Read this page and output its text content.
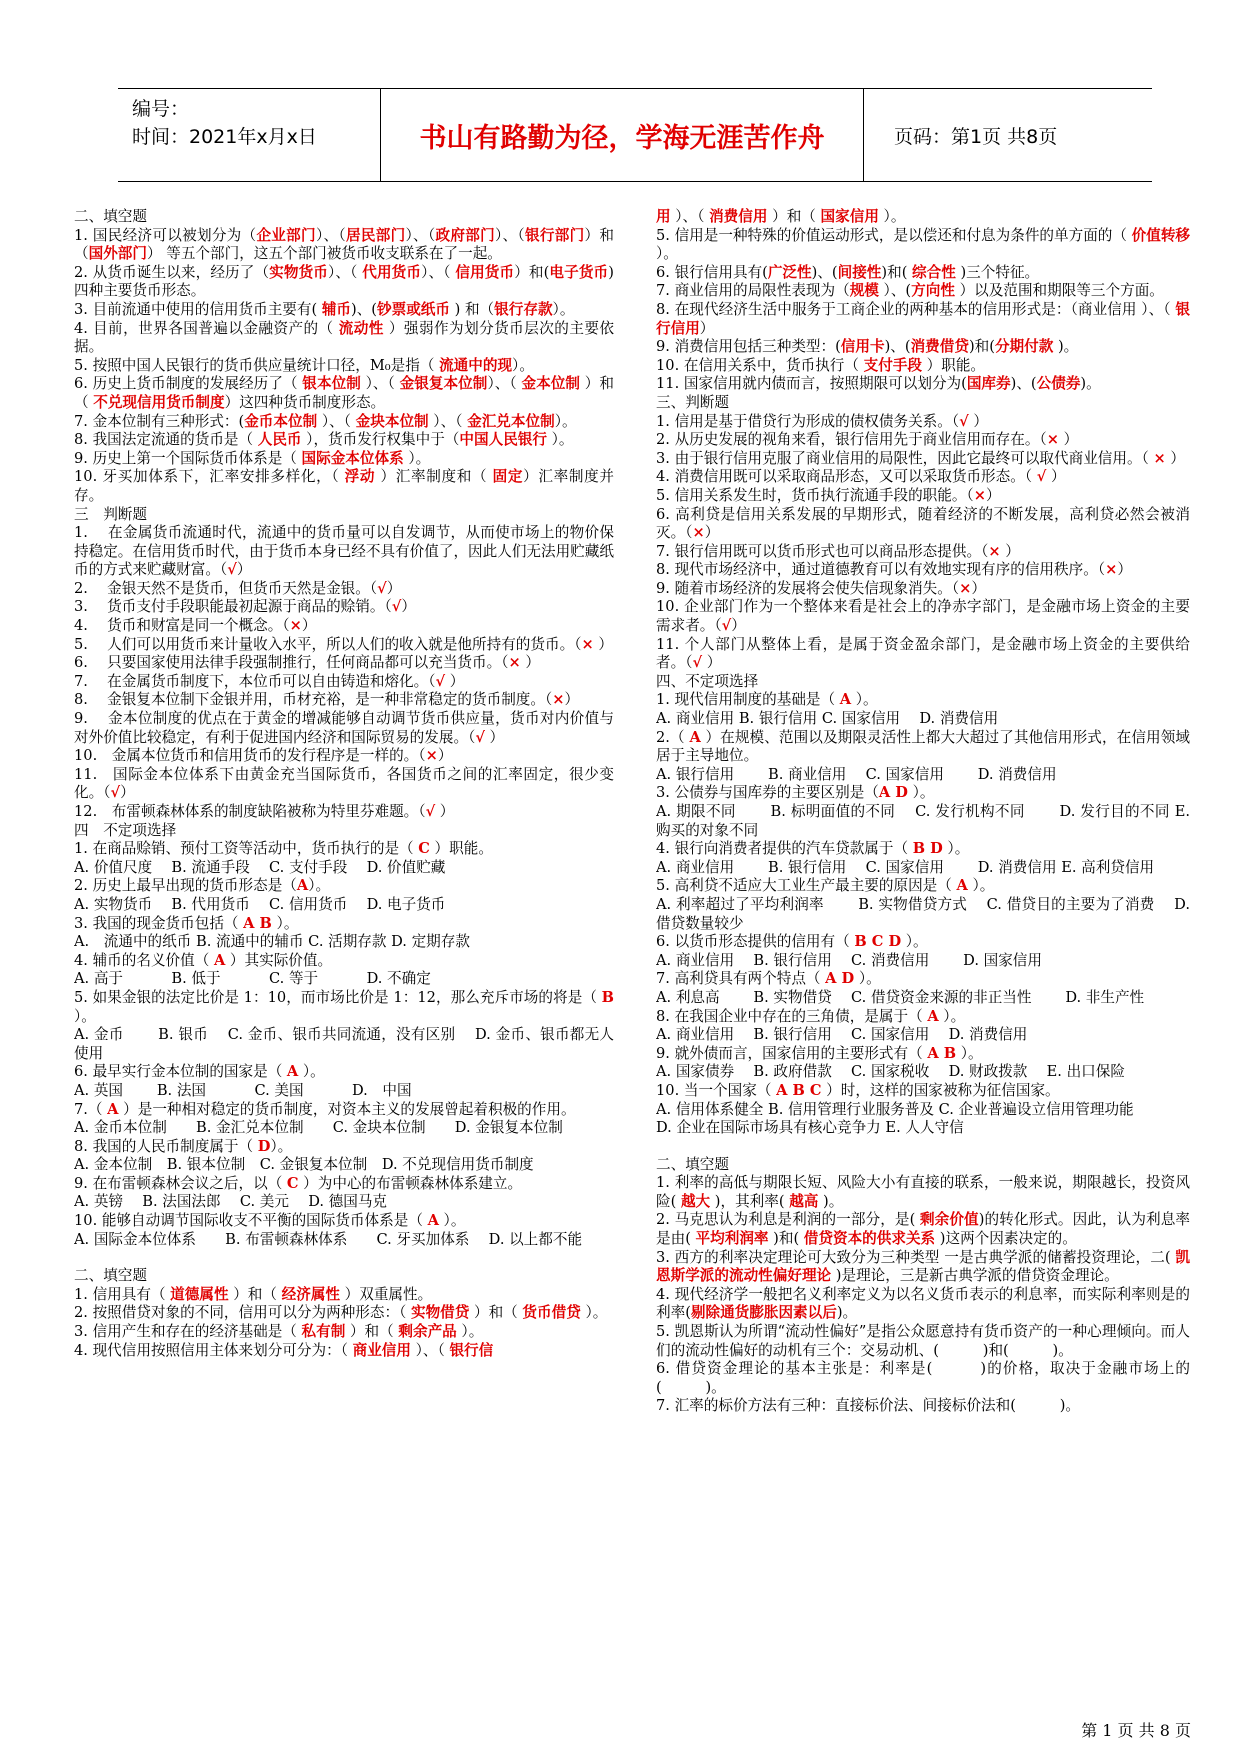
编号：
时间：2021年x月x日	书山有路勤为径，学海无涯苦作舟	页码：第1页 共8页

二、填空题

1. 国民经济可以被划分为（企业部门）、（居民部门）、（政府部门）、（银行部门）和（国外部门） 等五个部门，这五个部门被货币收支联系在了一起。

2. 从货币诞生以来，经历了（实物货币）、（ 代用货币）、（ 信用货币）和(电子货币)四种主要货币形态。

3. 目前流通中使用的信用货币主要有( 辅币)、(钞票或纸币 ) 和（银行存款）。

4. 目前，世界各国普遍以金融资产的（ 流动性 ）强弱作为划分货币层次的主要依据。

5. 按照中国人民银行的货币供应量统计口径，M₀是指（ 流通中的现）。

6. 历史上货币制度的发展经历了（ 银本位制 ）、（ 金银复本位制）、（ 金本位制 ）和（ 不兑现信用货币制度）这四种货币制度形态。

7. 金本位制有三种形式：(金币本位制 ）、（ 金块本位制 ）、（ 金汇兑本位制）。

8. 我国法定流通的货币是（ 人民币 ），货币发行权集中于（中国人民银行 ）。

9. 历史上第一个国际货币体系是（ 国际金本位体系 ）。

10. 牙买加体系下，汇率安排多样化，（ 浮动 ）汇率制度和（ 固定）汇率制度并存。

三　判断题

1.　 在金属货币流通时代，流通中的货币量可以自发调节，从而使市场上的物价保持稳定。在信用货币时代，由于货币本身已经不具有价值了，因此人们无法用贮藏纸币的方式来贮藏财富。（√）

2.　 金银天然不是货币，但货币天然是金银。（√）

3.　 货币支付手段职能最初起源于商品的赊销。（√）

4.　 货币和财富是同一个概念。（×）

5.　 人们可以用货币来计量收入水平，所以人们的收入就是他所持有的货币。（× ）

6.　 只要国家使用法律手段强制推行，任何商品都可以充当货币。（× ）

7.　 在金属货币制度下，本位币可以自由铸造和熔化。（√ ）

8.　 金银复本位制下金银并用，币材充裕，是一种非常稳定的货币制度。（×）

9.　 金本位制度的优点在于黄金的增减能够自动调节货币供应量，货币对内价值与对外价值比较稳定，有利于促进国内经济和国际贸易的发展。（√ ）

10.　金属本位货币和信用货币的发行程序是一样的。（×）

11.　国际金本位体系下由黄金充当国际货币，各国货币之间的汇率固定，很少变化。（√）

12.　布雷顿森林体系的制度缺陷被称为特里芬难题。（√ ）

四　不定项选择

1. 在商品赊销、预付工资等活动中，货币执行的是（ C ）职能。

A. 价值尺度　 B. 流通手段　 C. 支付手段　 D. 价值贮藏

2. 历史上最早出现的货币形态是（A）。

A. 实物货币　 B. 代用货币　 C. 信用货币　 D. 电子货币

3. 我国的现金货币包括（ A B ）。

A.　流通中的纸币 B. 流通中的辅币 C. 活期存款 D. 定期存款

4. 辅币的名义价值（ A ）其实际价值。

A. 高于　　　 B. 低于　　　 C. 等于　　　 D. 不确定

5. 如果金银的法定比价是 1：10，而市场比价是 1：12，那么充斥市场的将是（ B ）。

A. 金币　　 B. 银币　 C. 金币、银币共同流通，没有区别　 D. 金币、银币都无人使用

6. 最早实行金本位制的国家是（ A ）。

A. 英国　　 B. 法国　　　 C. 美国　　　 D.　中国

7.（ A ）是一种相对稳定的货币制度，对资本主义的发展曾起着积极的作用。

A. 金币本位制　　B. 金汇兑本位制　　C. 金块本位制　　D. 金银复本位制

8. 我国的人民币制度属于（ D）。

A. 金本位制　B. 银本位制　C. 金银复本位制　D. 不兑现信用货币制度

9. 在布雷顿森林会议之后，以（ C ）为中心的布雷顿森林体系建立。

A. 英镑　 B. 法国法郎　 C. 美元　 D. 德国马克

10. 能够自动调节国际收支不平衡的国际货币体系是（ A ）。

A. 国际金本位体系　　B. 布雷顿森林体系　　C. 牙买加体系　 D. 以上都不能

二、填空题

1. 信用具有（ 道德属性 ）和（ 经济属性 ）双重属性。

2. 按照借贷对象的不同，信用可以分为两种形态：（ 实物借贷 ）和（ 货币借贷 ）。

3. 信用产生和存在的经济基础是（ 私有制 ）和（ 剩余产品 ）。

4. 现代信用按照信用主体来划分可分为：（ 商业信用 ）、（ 银行信

用 ）、（ 消费信用 ）和（ 国家信用 ）。

5. 信用是一种特殊的价值运动形式，是以偿还和付息为条件的单方面的（ 价值转移 ）。

6. 银行信用具有(广泛性)、(间接性)和( 综合性 )三个特征。

7. 商业信用的局限性表现为（规模 ）、(方向性 ）以及范围和期限等三个方面。

8. 在现代经济生活中服务于工商企业的两种基本的信用形式是：（商业信用 ）、（ 银行信用）

9. 消费信用包括三种类型：(信用卡)、(消费借贷)和(分期付款 )。

10. 在信用关系中，货币执行（ 支付手段 ）职能。

11. 国家信用就内债而言，按照期限可以划分为(国库券)、(公债券)。

三、判断题

1. 信用是基于借贷行为形成的债权债务关系。（√ ）

2. 从历史发展的视角来看，银行信用先于商业信用而存在。（× ）

3. 由于银行信用克服了商业信用的局限性，因此它最终可以取代商业信用。（ × ）

4. 消费信用既可以采取商品形态，又可以采取货币形态。（ √ ）

5. 信用关系发生时，货币执行流通手段的职能。（×）

6. 高利贷是信用关系发展的早期形式，随着经济的不断发展，高利贷必然会被消灭。（×）

7. 银行信用既可以货币形式也可以商品形态提供。（× ）

8. 现代市场经济中，通过道德教育可以有效地实现有序的信用秩序。（×）

9. 随着市场经济的发展将会使失信现象消失。（×）

10. 企业部门作为一个整体来看是社会上的净赤字部门，是金融市场上资金的主要需求者。（√）

11. 个人部门从整体上看，是属于资金盈余部门，是金融市场上资金的主要供给者。（√ ）

四、不定项选择

1. 现代信用制度的基础是（ A ）。

A. 商业信用 B. 银行信用 C. 国家信用　 D. 消费信用

2.（ A ）在规模、范围以及期限灵活性上都大大超过了其他信用形式，在信用领域居于主导地位。

A. 银行信用　　 B. 商业信用　 C. 国家信用　　 D. 消费信用

3. 公债券与国库券的主要区别是（A D ）。

A. 期限不同　　 B. 标明面值的不同　 C. 发行机构不同　　 D. 发行目的不同 E. 购买的对象不同

4. 银行向消费者提供的汽车贷款属于（ B D ）。

A. 商业信用　　 B. 银行信用　 C. 国家信用　　 D. 消费信用 E. 高利贷信用

5. 高利贷不适应大工业生产最主要的原因是（ A ）。

A. 利率超过了平均利润率　　 B. 实物借贷方式　 C. 借贷目的主要为了消费　 D. 借贷数量较少

6. 以货币形态提供的信用有（ B C D ）。

A. 商业信用　 B. 银行信用　 C. 消费信用　　 D. 国家信用

7. 高利贷具有两个特点（ A D ）。

A. 利息高　　 B. 实物借贷　 C. 借贷资金来源的非正当性　　 D. 非生产性

8. 在我国企业中存在的三角债，是属于（ A ）。

A. 商业信用　 B. 银行信用　 C. 国家信用　 D. 消费信用

9. 就外债而言，国家信用的主要形式有（ A B ）。

A. 国家债券　 B. 政府借款　 C. 国家税收　 D. 财政拨款　 E. 出口保险

10. 当一个国家（ A B C ）时，这样的国家被称为征信国家。

A. 信用体系健全 B. 信用管理行业服务普及 C. 企业普遍设立信用管理功能

D. 企业在国际市场具有核心竞争力 E. 人人守信

二、填空题

1. 利率的高低与期限长短、风险大小有直接的联系，一般来说，期限越长，投资风险( 越大 )，其利率( 越高 )。

2. 马克思认为利息是利润的一部分，是( 剩余价值)的转化形式。因此，认为利息率是由( 平均利润率 )和( 借贷资本的供求关系 )这两个因素决定的。

3. 西方的利率决定理论可大致分为三种类型 一是古典学派的储蓄投资理论，二( 凯恩斯学派的流动性偏好理论 )是理论，三是新古典学派的借贷资金理论。

4. 现代经济学一般把名义利率定义为以名义货币表示的利息率，而实际利率则是的利率(剔除通货膨胀因素以后)。

5. 凯恩斯认为所谓“流动性偏好”是指公众愿意持有货币资产的一种心理倾向。而人们的流动性偏好的动机有三个：交易动机、(　　　)和(　　　)。

6. 借贷资金理论的基本主张是：利率是(　　　)的价格，取决于金融市场上的(　　　)。

7. 汇率的标价方法有三种：直接标价法、间接标价法和(　　　)。

第 1 页 共 8 页
